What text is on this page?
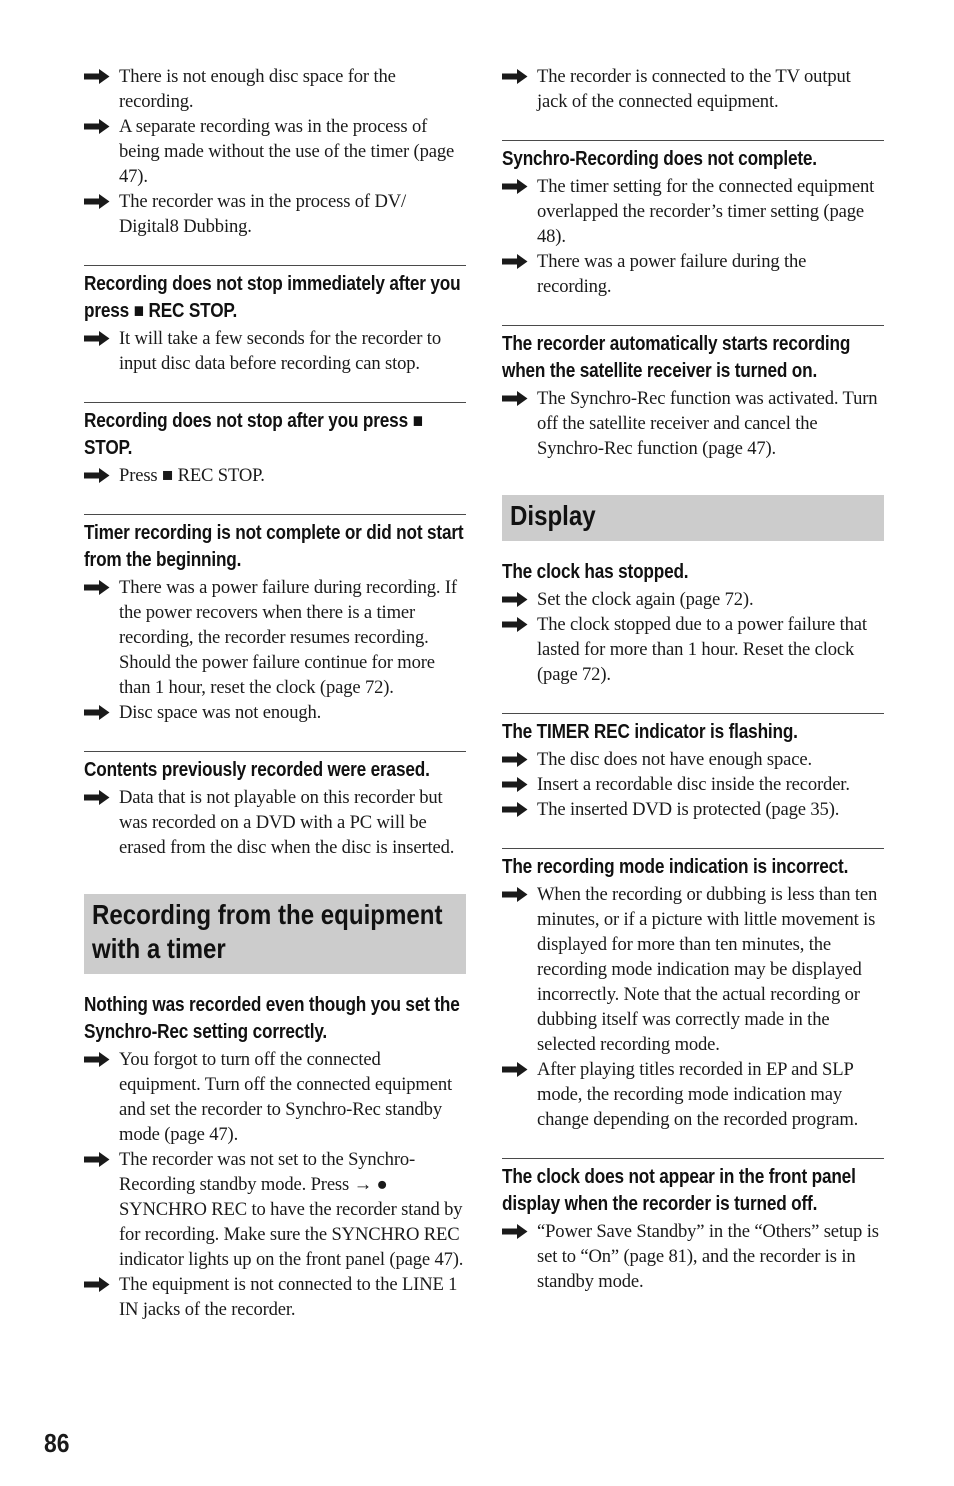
There is not enough disc space for the recording.
A separate recording was in the process of being made without the use of the timer (page 47).
The recorder was in the process of DV/ Digital8 Dubbing.
Recording does not stop immediately after you press ■ REC STOP.
It will take a few seconds for the recorder to input disc data before recording can stop.
Recording does not stop after you press ■ STOP.
Press ■ REC STOP.
Timer recording is not complete or did not start from the beginning.
There was a power failure during recording. If the power recovers when there is a timer recording, the recorder resumes recording. Should the power failure continue for more than 1 hour, reset the clock (page 72).
Disc space was not enough.
Contents previously recorded were erased.
Data that is not playable on this recorder but was recorded on a DVD with a PC will be erased from the disc when the disc is inserted.
Recording from the equipment with a timer
Nothing was recorded even though you set the Synchro-Rec setting correctly.
You forgot to turn off the connected equipment. Turn off the connected equipment and set the recorder to Synchro-Rec standby mode (page 47).
The recorder was not set to the Synchro-Recording standby mode. Press → ● SYNCHRO REC to have the recorder stand by for recording. Make sure the SYNCHRO REC indicator lights up on the front panel (page 47).
The equipment is not connected to the LINE 1 IN jacks of the recorder.
The recorder is connected to the TV output jack of the connected equipment.
Synchro-Recording does not complete.
The timer setting for the connected equipment overlapped the recorder’s timer setting (page 48).
There was a power failure during the recording.
The recorder automatically starts recording when the satellite receiver is turned on.
The Synchro-Rec function was activated. Turn off the satellite receiver and cancel the Synchro-Rec function (page 47).
Display
The clock has stopped.
Set the clock again (page 72).
The clock stopped due to a power failure that lasted for more than 1 hour. Reset the clock (page 72).
The TIMER REC indicator is flashing.
The disc does not have enough space.
Insert a recordable disc inside the recorder.
The inserted DVD is protected (page 35).
The recording mode indication is incorrect.
When the recording or dubbing is less than ten minutes, or if a picture with little movement is displayed for more than ten minutes, the recording mode indication may be displayed incorrectly. Note that the actual recording or dubbing itself was correctly made in the selected recording mode.
After playing titles recorded in EP and SLP mode, the recording mode indication may change depending on the recorded program.
The clock does not appear in the front panel display when the recorder is turned off.
“Power Save Standby” in the “Others” setup is set to “On” (page 81), and the recorder is in standby mode.
86
